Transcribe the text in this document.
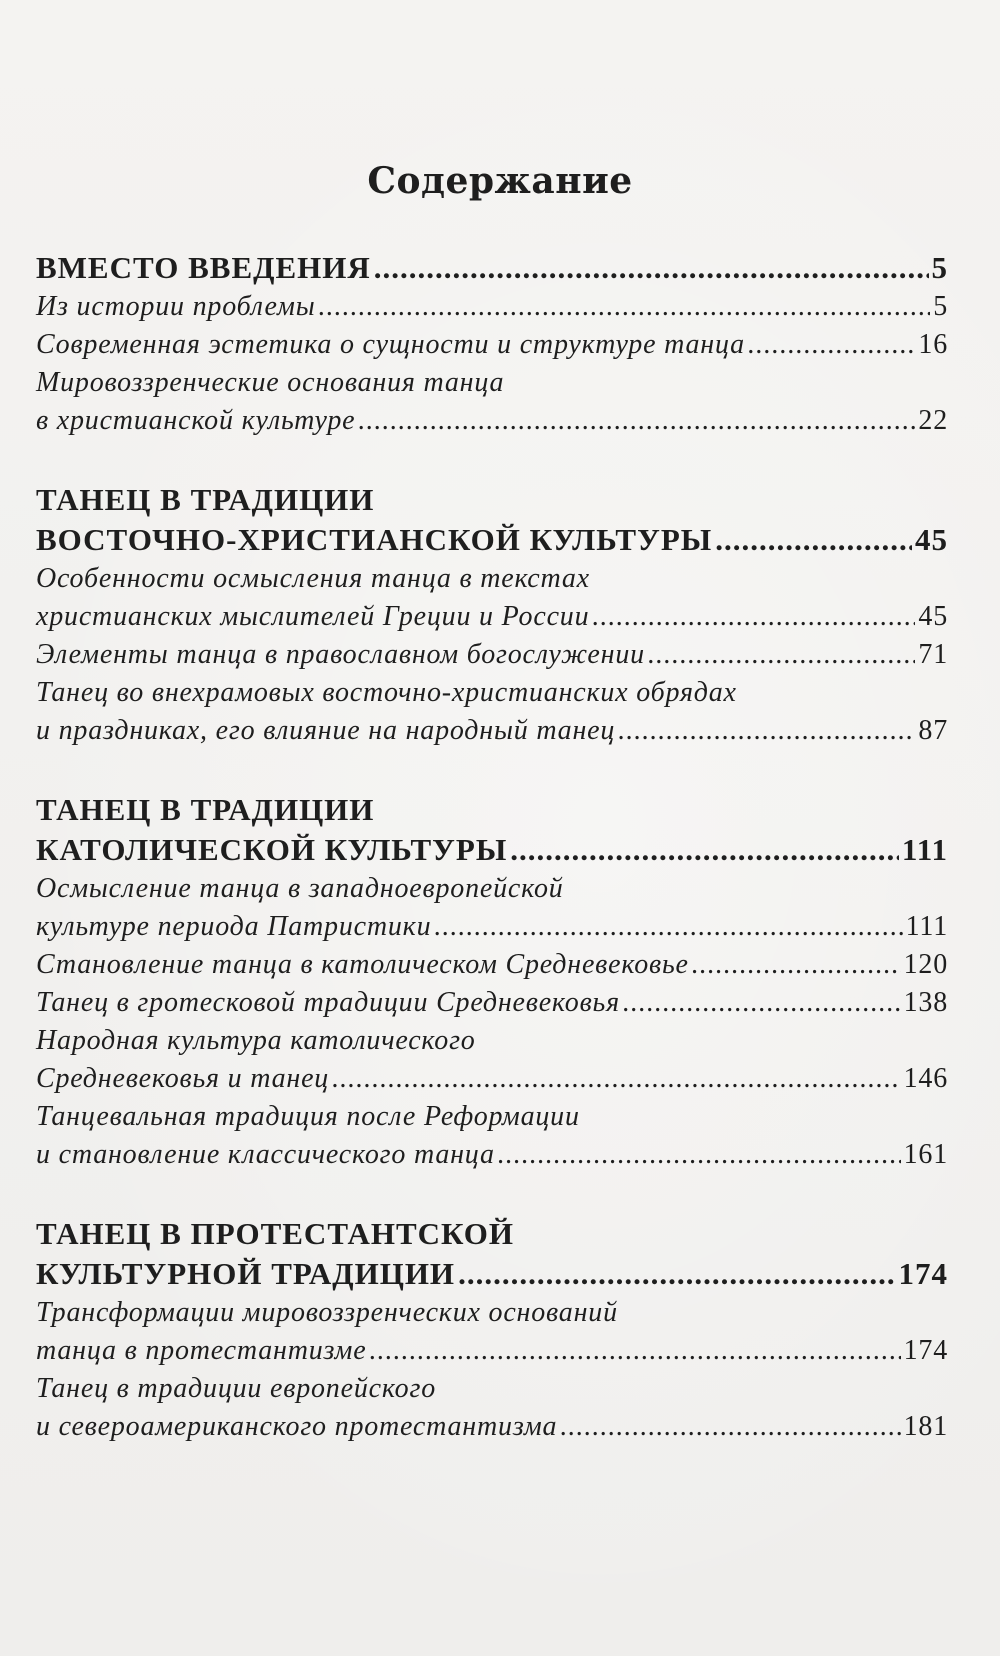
Содержание
ВМЕСТО ВВЕДЕНИЯ .....	5
Из истории проблемы .....	5
Современная эстетика о сущности и структуре танца .....	16
Мировоззренческие основания танца
в христианской культуре .....	22
ТАНЕЦ В ТРАДИЦИИ
ВОСТОЧНО-ХРИСТИАНСКОЙ КУЛЬТУРЫ .....	45
Особенности осмысления танца в текстах
христианских мыслителей Греции и России .....	45
Элементы танца в православном богослужении .....	71
Танец во внехрамовых восточно-христианских обрядах
и праздниках, его влияние на народный танец .....	87
ТАНЕЦ В ТРАДИЦИИ
КАТОЛИЧЕСКОЙ КУЛЬТУРЫ .....	111
Осмысление танца в западноевропейской
культуре периода Патристики .....	111
Становление танца в католическом Средневековье .....	120
Танец в гротесковой традиции Средневековья .....	138
Народная культура католического
Средневековья и танец .....	146
Танцевальная традиция после Реформации
и становление классического танца .....	161
ТАНЕЦ В ПРОТЕСТАНТСКОЙ
КУЛЬТУРНОЙ ТРАДИЦИИ .....	174
Трансформации мировоззренческих оснований
танца в протестантизме .....	174
Танец в традиции европейского
и североамериканского протестантизма .....	181
